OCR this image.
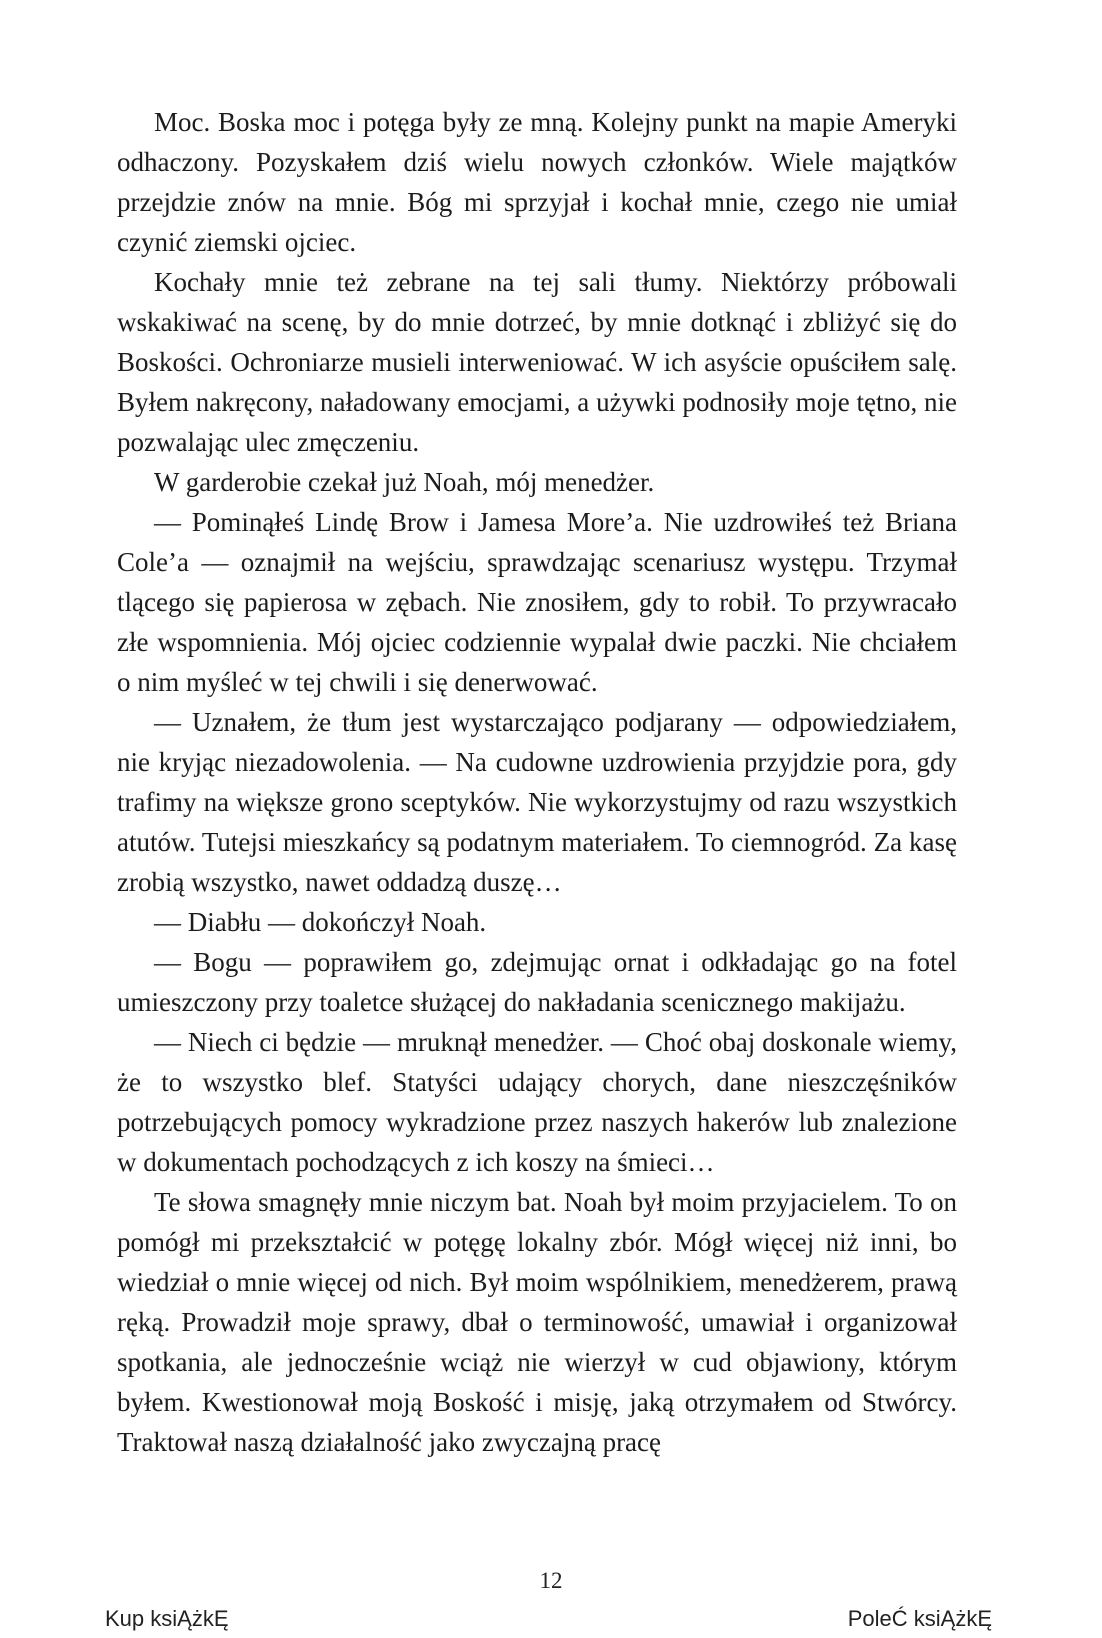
Moc. Boska moc i potęga były ze mną. Kolejny punkt na mapie Ameryki odhaczony. Pozyskałem dziś wielu nowych członków. Wiele majątków przejdzie znów na mnie. Bóg mi sprzyjał i kochał mnie, czego nie umiał czynić ziemski ojciec.

Kochały mnie też zebrane na tej sali tłumy. Niektórzy próbowali wskakiwać na scenę, by do mnie dotrzeć, by mnie dotknąć i zbliżyć się do Boskości. Ochroniarze musieli interweniować. W ich asyście opuściłem salę. Byłem nakręcony, naładowany emocjami, a używki podnosiły moje tętno, nie pozwalając ulec zmęczeniu.

W garderobie czekał już Noah, mój menedżer.

— Pominąłeś Lindę Brow i Jamesa More’a. Nie uzdrowiłeś też Briana Cole’a — oznajmił na wejściu, sprawdzając scenariusz występu. Trzymał tlącego się papierosa w zębach. Nie znosiłem, gdy to robił. To przywracało złe wspomnienia. Mój ojciec codziennie wypalał dwie paczki. Nie chciałem o nim myśleć w tej chwili i się denerwować.

— Uznałem, że tłum jest wystarczająco podjarany — odpowiedziałem, nie kryjąc niezadowolenia. — Na cudowne uzdrowienia przyjdzie pora, gdy trafimy na większe grono sceptyków. Nie wykorzystujmy od razu wszystkich atutów. Tutejsi mieszkańcy są podatnym materiałem. To ciemnogród. Za kasę zrobią wszystko, nawet oddadzą duszę…

— Diabłu — dokończył Noah.

— Bogu — poprawiłem go, zdejmując ornat i odkładając go na fotel umieszczony przy toaletce służącej do nakładania scenicznego makijażu.

— Niech ci będzie — mruknął menedżer. — Choć obaj doskonale wiemy, że to wszystko blef. Statyści udający chorych, dane nieszczęśników potrzebujących pomocy wykradzione przez naszych hakerów lub znalezione w dokumentach pochodzących z ich koszy na śmieci…

Te słowa smagnęły mnie niczym bat. Noah był moim przyjacielem. To on pomógł mi przekształcić w potęgę lokalny zbór. Mógł więcej niż inni, bo wiedział o mnie więcej od nich. Był moim wspólnikiem, menedżerem, prawą ręką. Prowadził moje sprawy, dbał o terminowość, umawiał i organizował spotkania, ale jednocześnie wciąż nie wierzył w cud objawiony, którym byłem. Kwestionował moją Boskość i misję, jaką otrzymałem od Stwórcy. Traktował naszą działalność jako zwyczajną pracę

12
Kup ksiĄżkĘ	PoleĆ ksiĄżkĘ
